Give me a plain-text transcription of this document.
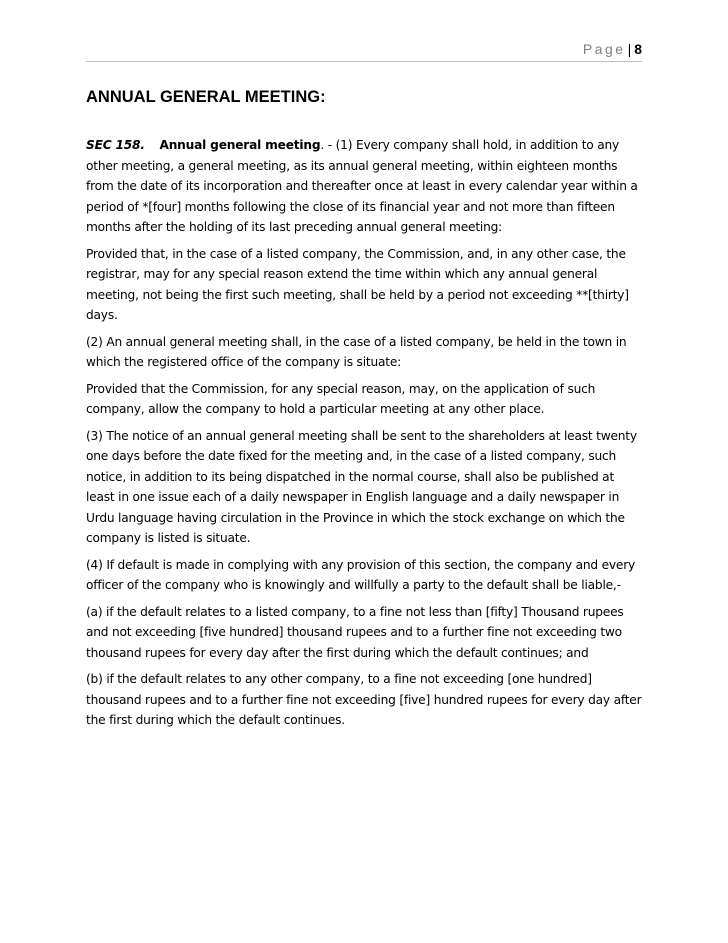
Page | 8
ANNUAL GENERAL MEETING:

SEC 158. Annual general meeting. - (1) Every company shall hold, in addition to any other meeting, a general meeting, as its annual general meeting, within eighteen months from the date of its incorporation and thereafter once at least in every calendar year within a period of *[four] months following the close of its financial year and not more than fifteen months after the holding of its last preceding annual general meeting:

Provided that, in the case of a listed company, the Commission, and, in any other case, the registrar, may for any special reason extend the time within which any annual general meeting, not being the first such meeting, shall be held by a period not exceeding **[thirty] days.

(2) An annual general meeting shall, in the case of a listed company, be held in the town in which the registered office of the company is situate:

Provided that the Commission, for any special reason, may, on the application of such company, allow the company to hold a particular meeting at any other place.

(3) The notice of an annual general meeting shall be sent to the shareholders at least twenty one days before the date fixed for the meeting and, in the case of a listed company, such notice, in addition to its being dispatched in the normal course, shall also be published at least in one issue each of a daily newspaper in English language and a daily newspaper in Urdu language having circulation in the Province in which the stock exchange on which the company is listed is situate.

(4) If default is made in complying with any provision of this section, the company and every officer of the company who is knowingly and willfully a party to the default shall be liable,-

(a) if the default relates to a listed company, to a fine not less than [fifty] Thousand rupees and not exceeding [five hundred] thousand rupees and to a further fine not exceeding two thousand rupees for every day after the first during which the default continues; and

(b) if the default relates to any other company, to a fine not exceeding [one hundred] thousand rupees and to a further fine not exceeding [five] hundred rupees for every day after the first during which the default continues.
